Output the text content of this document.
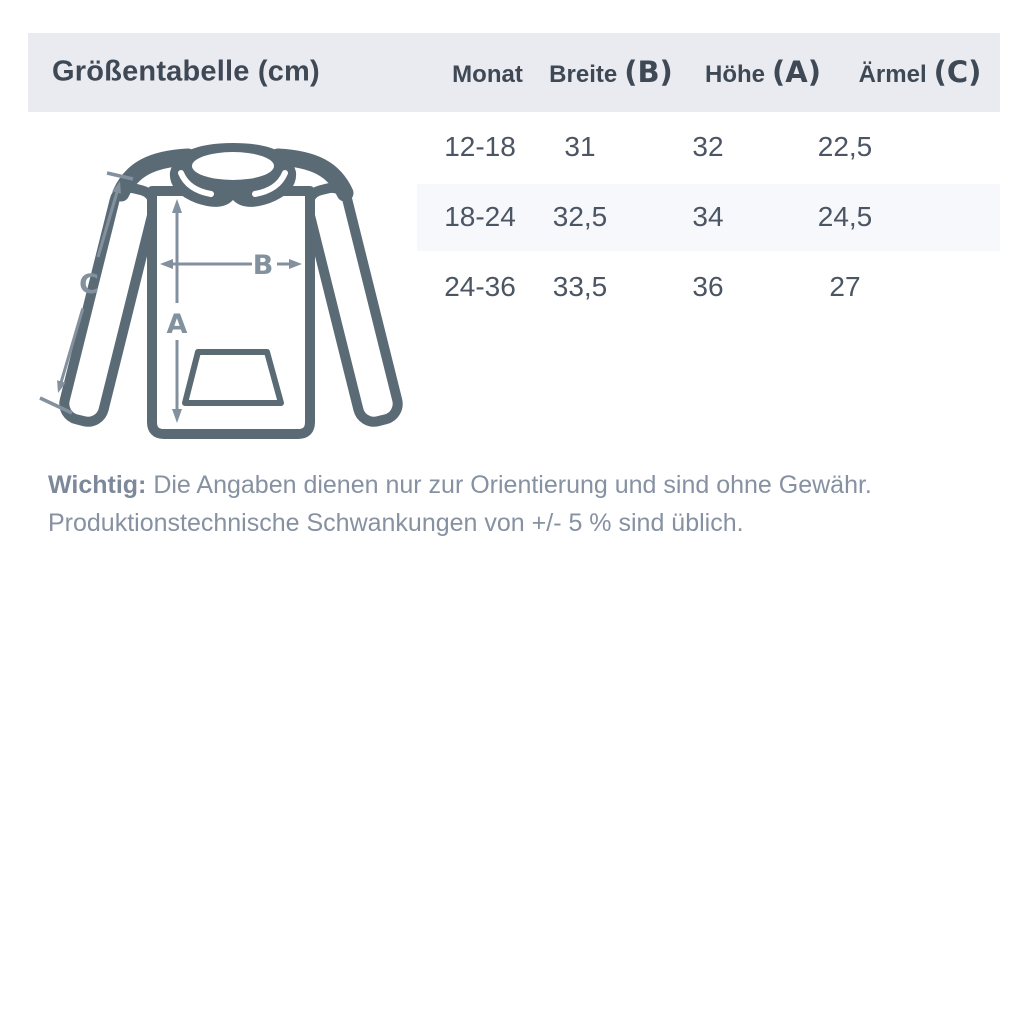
Größentabelle (cm)	Monat Breite (B) Höhe (A) Ärmel (C)
12-18 31	32	22,5
18-24 32,5	34	24,5
24-36 33,5	36	27
A
B
C

Wichtig: Die Angaben dienen nur zur Orientierung und sind ohne Gewähr.
Produktionstechnische Schwankungen von +/- 5 % sind üblich.
